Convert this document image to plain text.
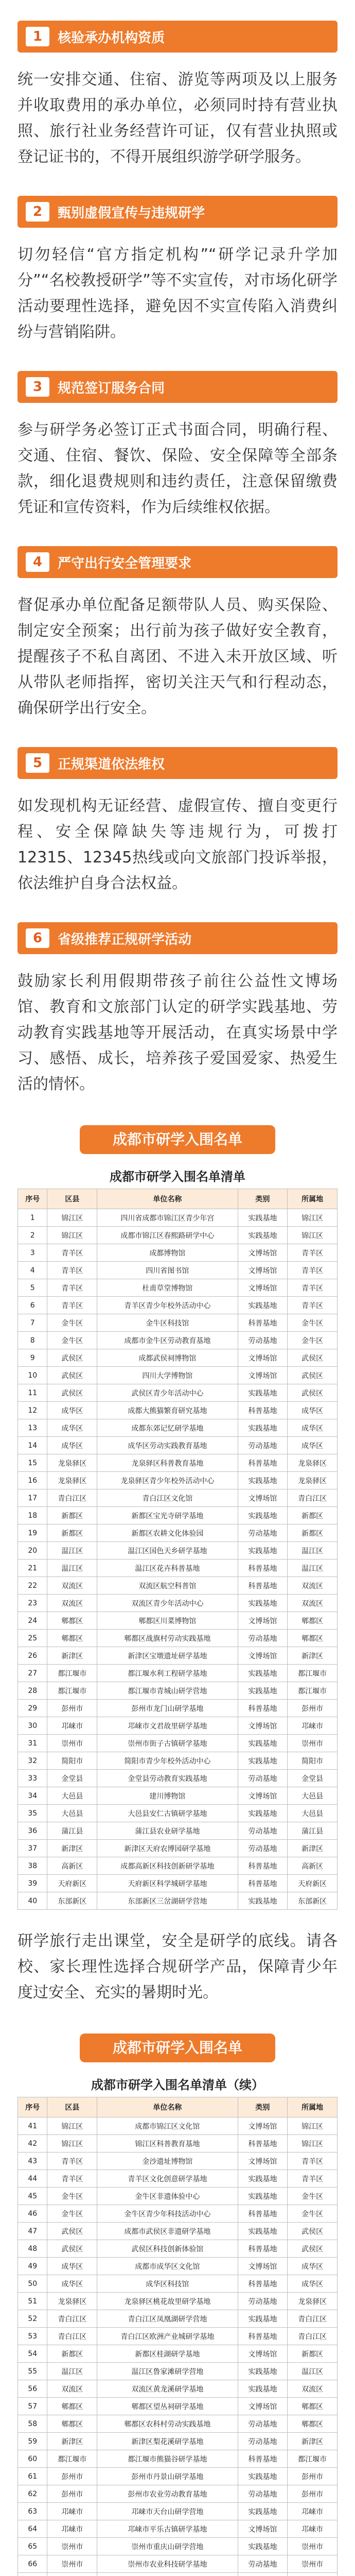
1	核验承办机构资质
统一安排交通、住宿、游览等两项及以上服务并收取费用的承办单位，必须同时持有营业执照、旅行社业务经营许可证，仅有营业执照或登记证书的，不得开展组织游学研学服务。
2	甄别虚假宣传与违规研学
切勿轻信“官方指定机构”“研学记录升学加分”“名校教授研学”等不实宣传，对市场化研学活动要理性选择，避免因不实宣传陷入消费纠纷与营销陷阱。
3	规范签订服务合同
参与研学务必签订正式书面合同，明确行程、交通、住宿、餐饮、保险、安全保障等全部条款，细化退费规则和违约责任，注意保留缴费凭证和宣传资料，作为后续维权依据。
4	严守出行安全管理要求
督促承办单位配备足额带队人员、购买保险、制定安全预案；出行前为孩子做好安全教育，提醒孩子不私自离团、不进入未开放区域、听从带队老师指挥，密切关注天气和行程动态，确保研学出行安全。
5	正规渠道依法维权
如发现机构无证经营、虚假宣传、擅自变更行程、安全保障缺失等违规行为，可拨打12315、12345热线或向文旅部门投诉举报，依法维护自身合法权益。
6	省级推荐正规研学活动
鼓励家长利用假期带孩子前往公益性文博场馆、教育和文旅部门认定的研学实践基地、劳动教育实践基地等开展活动，在真实场景中学习、感悟、成长，培养孩子爱国爱家、热爱生活的情怀。
成都市研学入围名单
成都市研学入围名单清单
序号	区县	单位名称	类别	所属地
1	锦江区	四川省成都市锦江区青少年宫	实践基地	锦江区
2	锦江区	成都市锦江区春熙路研学中心	实践基地	锦江区
3	青羊区	成都博物馆	文博场馆	青羊区
4	青羊区	四川省图书馆	文博场馆	青羊区
5	青羊区	杜甫草堂博物馆	文博场馆	青羊区
6	青羊区	青羊区青少年校外活动中心	实践基地	青羊区
7	金牛区	金牛区科技馆	科普基地	金牛区
8	金牛区	成都市金牛区劳动教育基地	劳动基地	金牛区
9	武侯区	成都武侯祠博物馆	文博场馆	武侯区
10	武侯区	四川大学博物馆	文博场馆	武侯区
11	武侯区	武侯区青少年活动中心	实践基地	武侯区
12	成华区	成都大熊猫繁育研究基地	科普基地	成华区
13	成华区	成都东郊记忆研学基地	实践基地	成华区
14	成华区	成华区劳动实践教育基地	劳动基地	成华区
15	龙泉驿区	龙泉驿区科普教育基地	科普基地	龙泉驿区
16	龙泉驿区	龙泉驿区青少年校外活动中心	实践基地	龙泉驿区
17	青白江区	青白江区文化馆	文博场馆	青白江区
18	新都区	新都区宝光寺研学基地	实践基地	新都区
19	新都区	新都区农耕文化体验园	劳动基地	新都区
20	温江区	温江区国色天乡研学基地	实践基地	温江区
21	温江区	温江区花卉科普基地	科普基地	温江区
22	双流区	双流区航空科普馆	科普基地	双流区
23	双流区	双流区青少年活动中心	实践基地	双流区
24	郫都区	郫都区川菜博物馆	文博场馆	郫都区
25	郫都区	郫都区战旗村劳动实践基地	劳动基地	郫都区
26	新津区	新津区宝墩遗址研学基地	文博场馆	新津区
27	都江堰市	都江堰水利工程研学基地	实践基地	都江堰市
28	都江堰市	都江堰市青城山研学营地	实践基地	都江堰市
29	彭州市	彭州市龙门山研学基地	科普基地	彭州市
30	邛崃市	邛崃市文君故里研学基地	文博场馆	邛崃市
31	崇州市	崇州市街子古镇研学基地	实践基地	崇州市
32	简阳市	简阳市青少年校外活动中心	实践基地	简阳市
33	金堂县	金堂县劳动教育实践基地	劳动基地	金堂县
34	大邑县	建川博物馆	文博场馆	大邑县
35	大邑县	大邑县安仁古镇研学基地	实践基地	大邑县
36	蒲江县	蒲江县农业研学基地	劳动基地	蒲江县
37	新津区	新津区天府农博园研学基地	劳动基地	新津区
38	高新区	成都高新区科技创新研学基地	科普基地	高新区
39	天府新区	天府新区科学城研学基地	科普基地	天府新区
40	东部新区	东部新区三岔湖研学营地	实践基地	东部新区
研学旅行走出课堂，安全是研学的底线。请各校、家长理性选择合规研学产品，保障青少年度过安全、充实的暑期时光。
成都市研学入围名单
成都市研学入围名单清单（续）
序号	区县	单位名称	类别	所属地
41	锦江区	成都市锦江区文化馆	文博场馆	锦江区
42	锦江区	锦江区科普教育基地	科普基地	锦江区
43	青羊区	金沙遗址博物馆	文博场馆	青羊区
44	青羊区	青羊区文化创意研学基地	实践基地	青羊区
45	金牛区	金牛区非遗体验中心	实践基地	金牛区
46	金牛区	金牛区青少年科技活动中心	科普基地	金牛区
47	武侯区	成都市武侯区非遗研学基地	实践基地	武侯区
48	武侯区	武侯区科技创新体验馆	科普基地	武侯区
49	成华区	成都市成华区文化馆	文博场馆	成华区
50	成华区	成华区科技馆	科普基地	成华区
51	龙泉驿区	龙泉驿区桃花故里研学基地	劳动基地	龙泉驿区
52	青白江区	青白江区凤凰湖研学营地	实践基地	青白江区
53	青白江区	青白江区欧洲产业城研学基地	科普基地	青白江区
54	新都区	新都区桂湖研学基地	文博场馆	新都区
55	温江区	温江区鲁家滩研学营地	实践基地	温江区
56	双流区	双流区黄龙溪研学基地	实践基地	双流区
57	郫都区	郫都区望丛祠研学基地	文博场馆	郫都区
58	郫都区	郫都区农科村劳动实践基地	劳动基地	郫都区
59	新津区	新津区梨花溪研学基地	劳动基地	新津区
60	都江堰市	都江堰市熊猫谷研学基地	科普基地	都江堰市
61	彭州市	彭州市丹景山研学基地	实践基地	彭州市
62	彭州市	彭州市农业劳动教育基地	劳动基地	彭州市
63	邛崃市	邛崃市天台山研学营地	实践基地	邛崃市
64	邛崃市	邛崃市平乐古镇研学基地	文博场馆	邛崃市
65	崇州市	崇州市重庆山研学营地	实践基地	崇州市
66	崇州市	崇州市农业科技研学基地	劳动基地	崇州市
